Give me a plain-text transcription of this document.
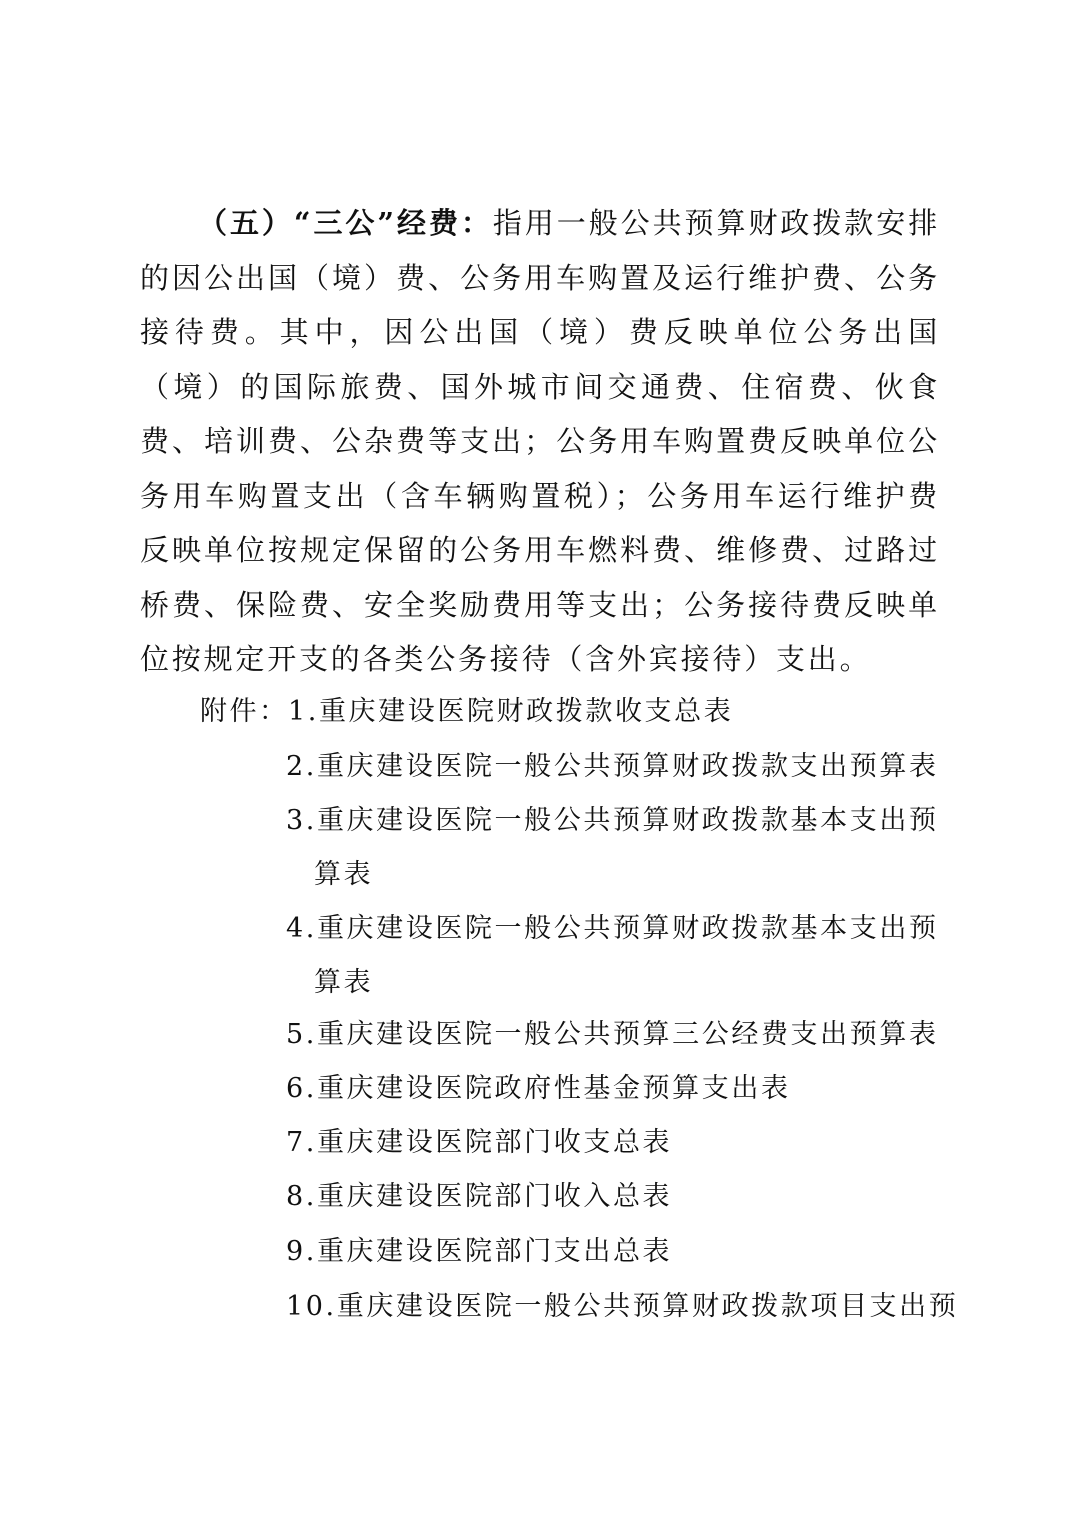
（五）“三公”经费：指用一般公共预算财政拨款安排的因公出国（境）费、公务用车购置及运行维护费、公务接待费。其中，因公出国（境）费反映单位公务出国（境）的国际旅费、国外城市间交通费、住宿费、伙食费、培训费、公杂费等支出；公务用车购置费反映单位公务用车购置支出（含车辆购置税）；公务用车运行维护费反映单位按规定保留的公务用车燃料费、维修费、过路过桥费、保险费、安全奖励费用等支出；公务接待费反映单位按规定开支的各类公务接待（含外宾接待）支出。

附件： 1.重庆建设医院财政拨款收支总表
2.重庆建设医院一般公共预算财政拨款支出预算表
3.重庆建设医院一般公共预算财政拨款基本支出预
算表
4.重庆建设医院一般公共预算财政拨款基本支出预
算表
5.重庆建设医院一般公共预算三公经费支出预算表
6.重庆建设医院政府性基金预算支出表
7.重庆建设医院部门收支总表
8.重庆建设医院部门收入总表
9.重庆建设医院部门支出总表
10.重庆建设医院一般公共预算财政拨款项目支出预
